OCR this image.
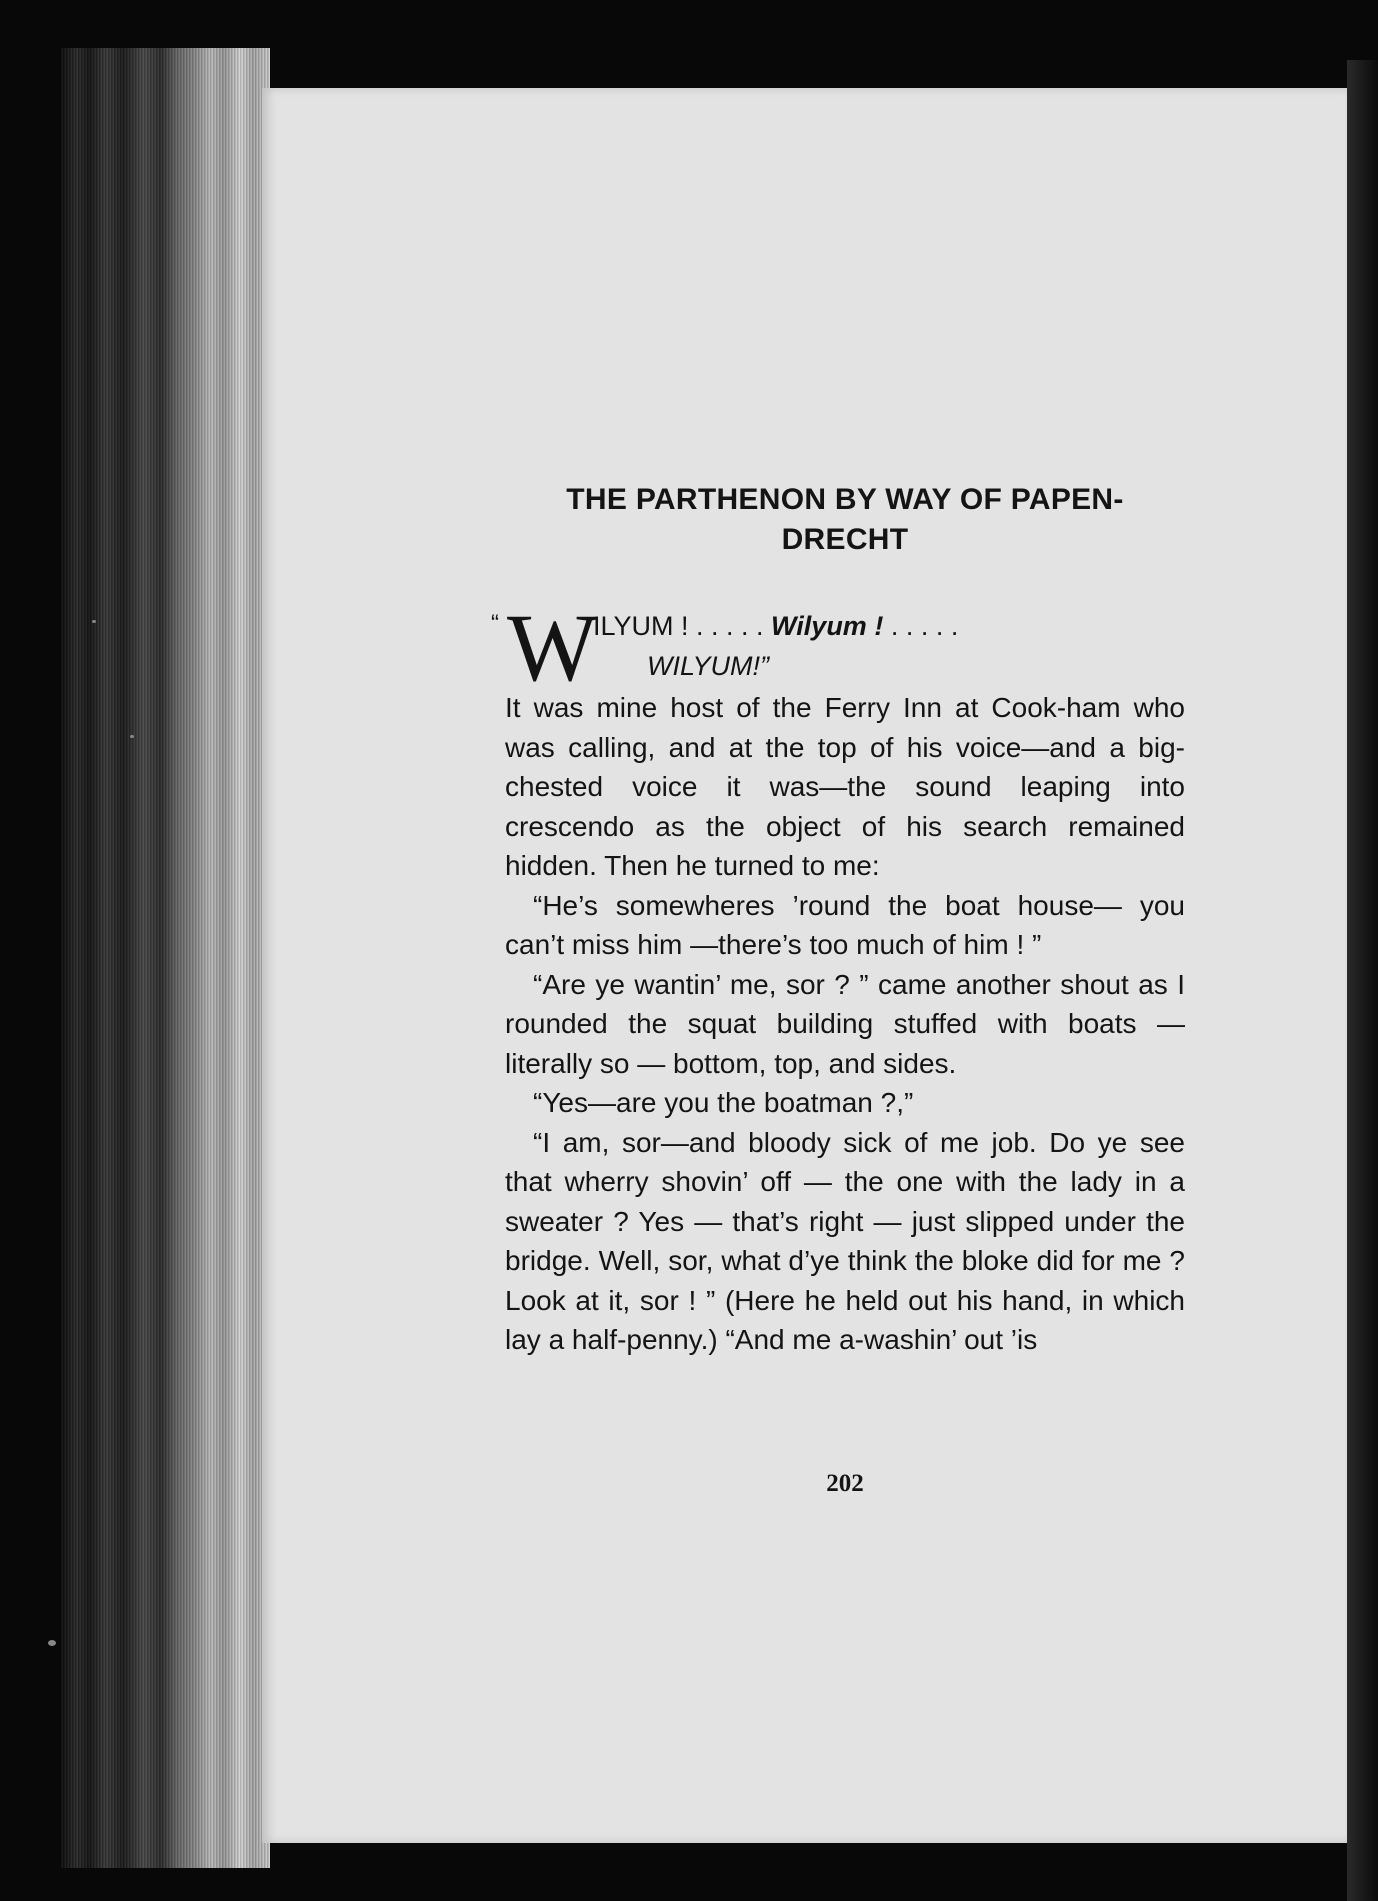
THE PARTHENON BY WAY OF PAPEN-
DRECHT
“ W
ILYUM ! . . . . . Wilyum ! . . . . .
WILYUM!”

It was mine host of the Ferry Inn at Cook-ham who was calling, and at the top of his voice—and a big-chested voice it was—the sound leaping into crescendo as the object of his search remained hidden. Then he turned to me:

“He’s somewheres ’round the boat house— you can’t miss him —there’s too much of him ! ”

“Are ye wantin’ me, sor ? ” came another shout as I rounded the squat building stuffed with boats — literally so — bottom, top, and sides.

“Yes—are you the boatman ?,”

“I am, sor—and bloody sick of me job. Do ye see that wherry shovin’ off — the one with the lady in a sweater ? Yes — that’s right — just slipped under the bridge. Well, sor, what d’ye think the bloke did for me ? Look at it, sor ! ” (Here he held out his hand, in which lay a half-penny.) “And me a-washin’ out ’is

202
